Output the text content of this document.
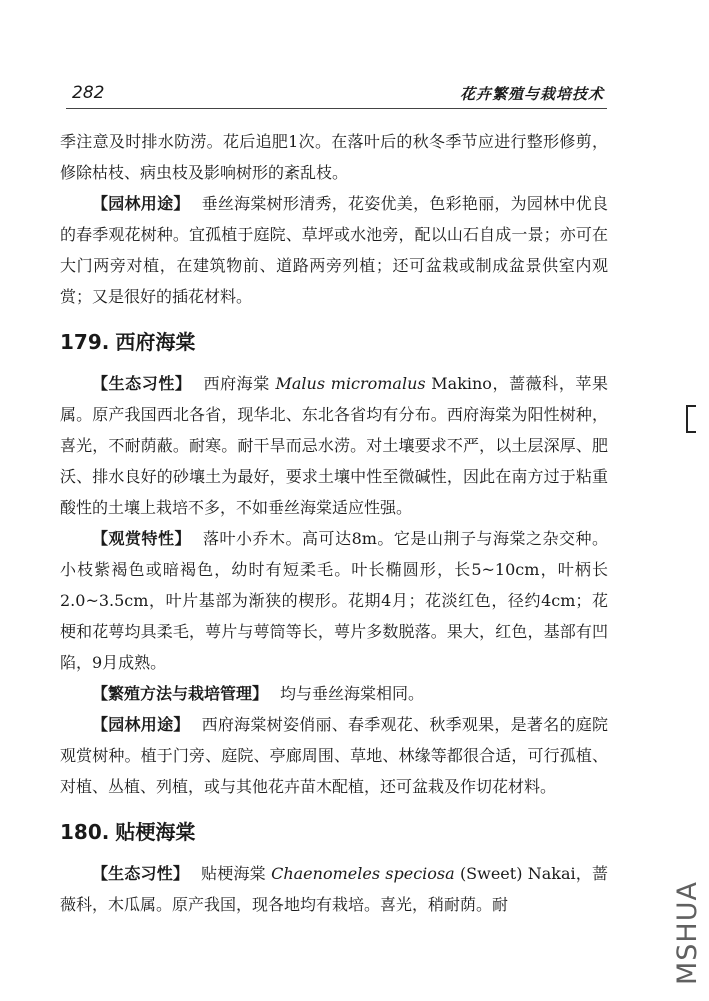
282	花卉繁殖与栽培技术

季注意及时排水防涝。花后追肥1次。在落叶后的秋冬季节应进行整形修剪，修除枯枝、病虫枝及影响树形的紊乱枝。

【园林用途】 垂丝海棠树形清秀，花姿优美，色彩艳丽，为园林中优良的春季观花树种。宜孤植于庭院、草坪或水池旁，配以山石自成一景；亦可在大门两旁对植，在建筑物前、道路两旁列植；还可盆栽或制成盆景供室内观赏；又是很好的插花材料。

179. 西府海棠

【生态习性】 西府海棠 Malus micromalus Makino，蔷薇科，苹果属。原产我国西北各省，现华北、东北各省均有分布。西府海棠为阳性树种，喜光，不耐荫蔽。耐寒。耐干旱而忌水涝。对土壤要求不严，以土层深厚、肥沃、排水良好的砂壤土为最好，要求土壤中性至微碱性，因此在南方过于粘重酸性的土壤上栽培不多，不如垂丝海棠适应性强。

【观赏特性】 落叶小乔木。高可达8m。它是山荆子与海棠之杂交种。小枝紫褐色或暗褐色，幼时有短柔毛。叶长椭圆形，长5~10cm，叶柄长2.0~3.5cm，叶片基部为渐狭的楔形。花期4月；花淡红色，径约4cm；花梗和花萼均具柔毛，萼片与萼筒等长，萼片多数脱落。果大，红色，基部有凹陷，9月成熟。

【繁殖方法与栽培管理】 均与垂丝海棠相同。

【园林用途】 西府海棠树姿俏丽、春季观花、秋季观果，是著名的庭院观赏树种。植于门旁、庭院、亭廊周围、草地、林缘等都很合适，可行孤植、对植、丛植、列植，或与其他花卉苗木配植，还可盆栽及作切花材料。

180. 贴梗海棠

【生态习性】 贴梗海棠 Chaenomeles speciosa (Sweet) Nakai，蔷薇科，木瓜属。原产我国，现各地均有栽培。喜光，稍耐荫。耐	MSHUA
